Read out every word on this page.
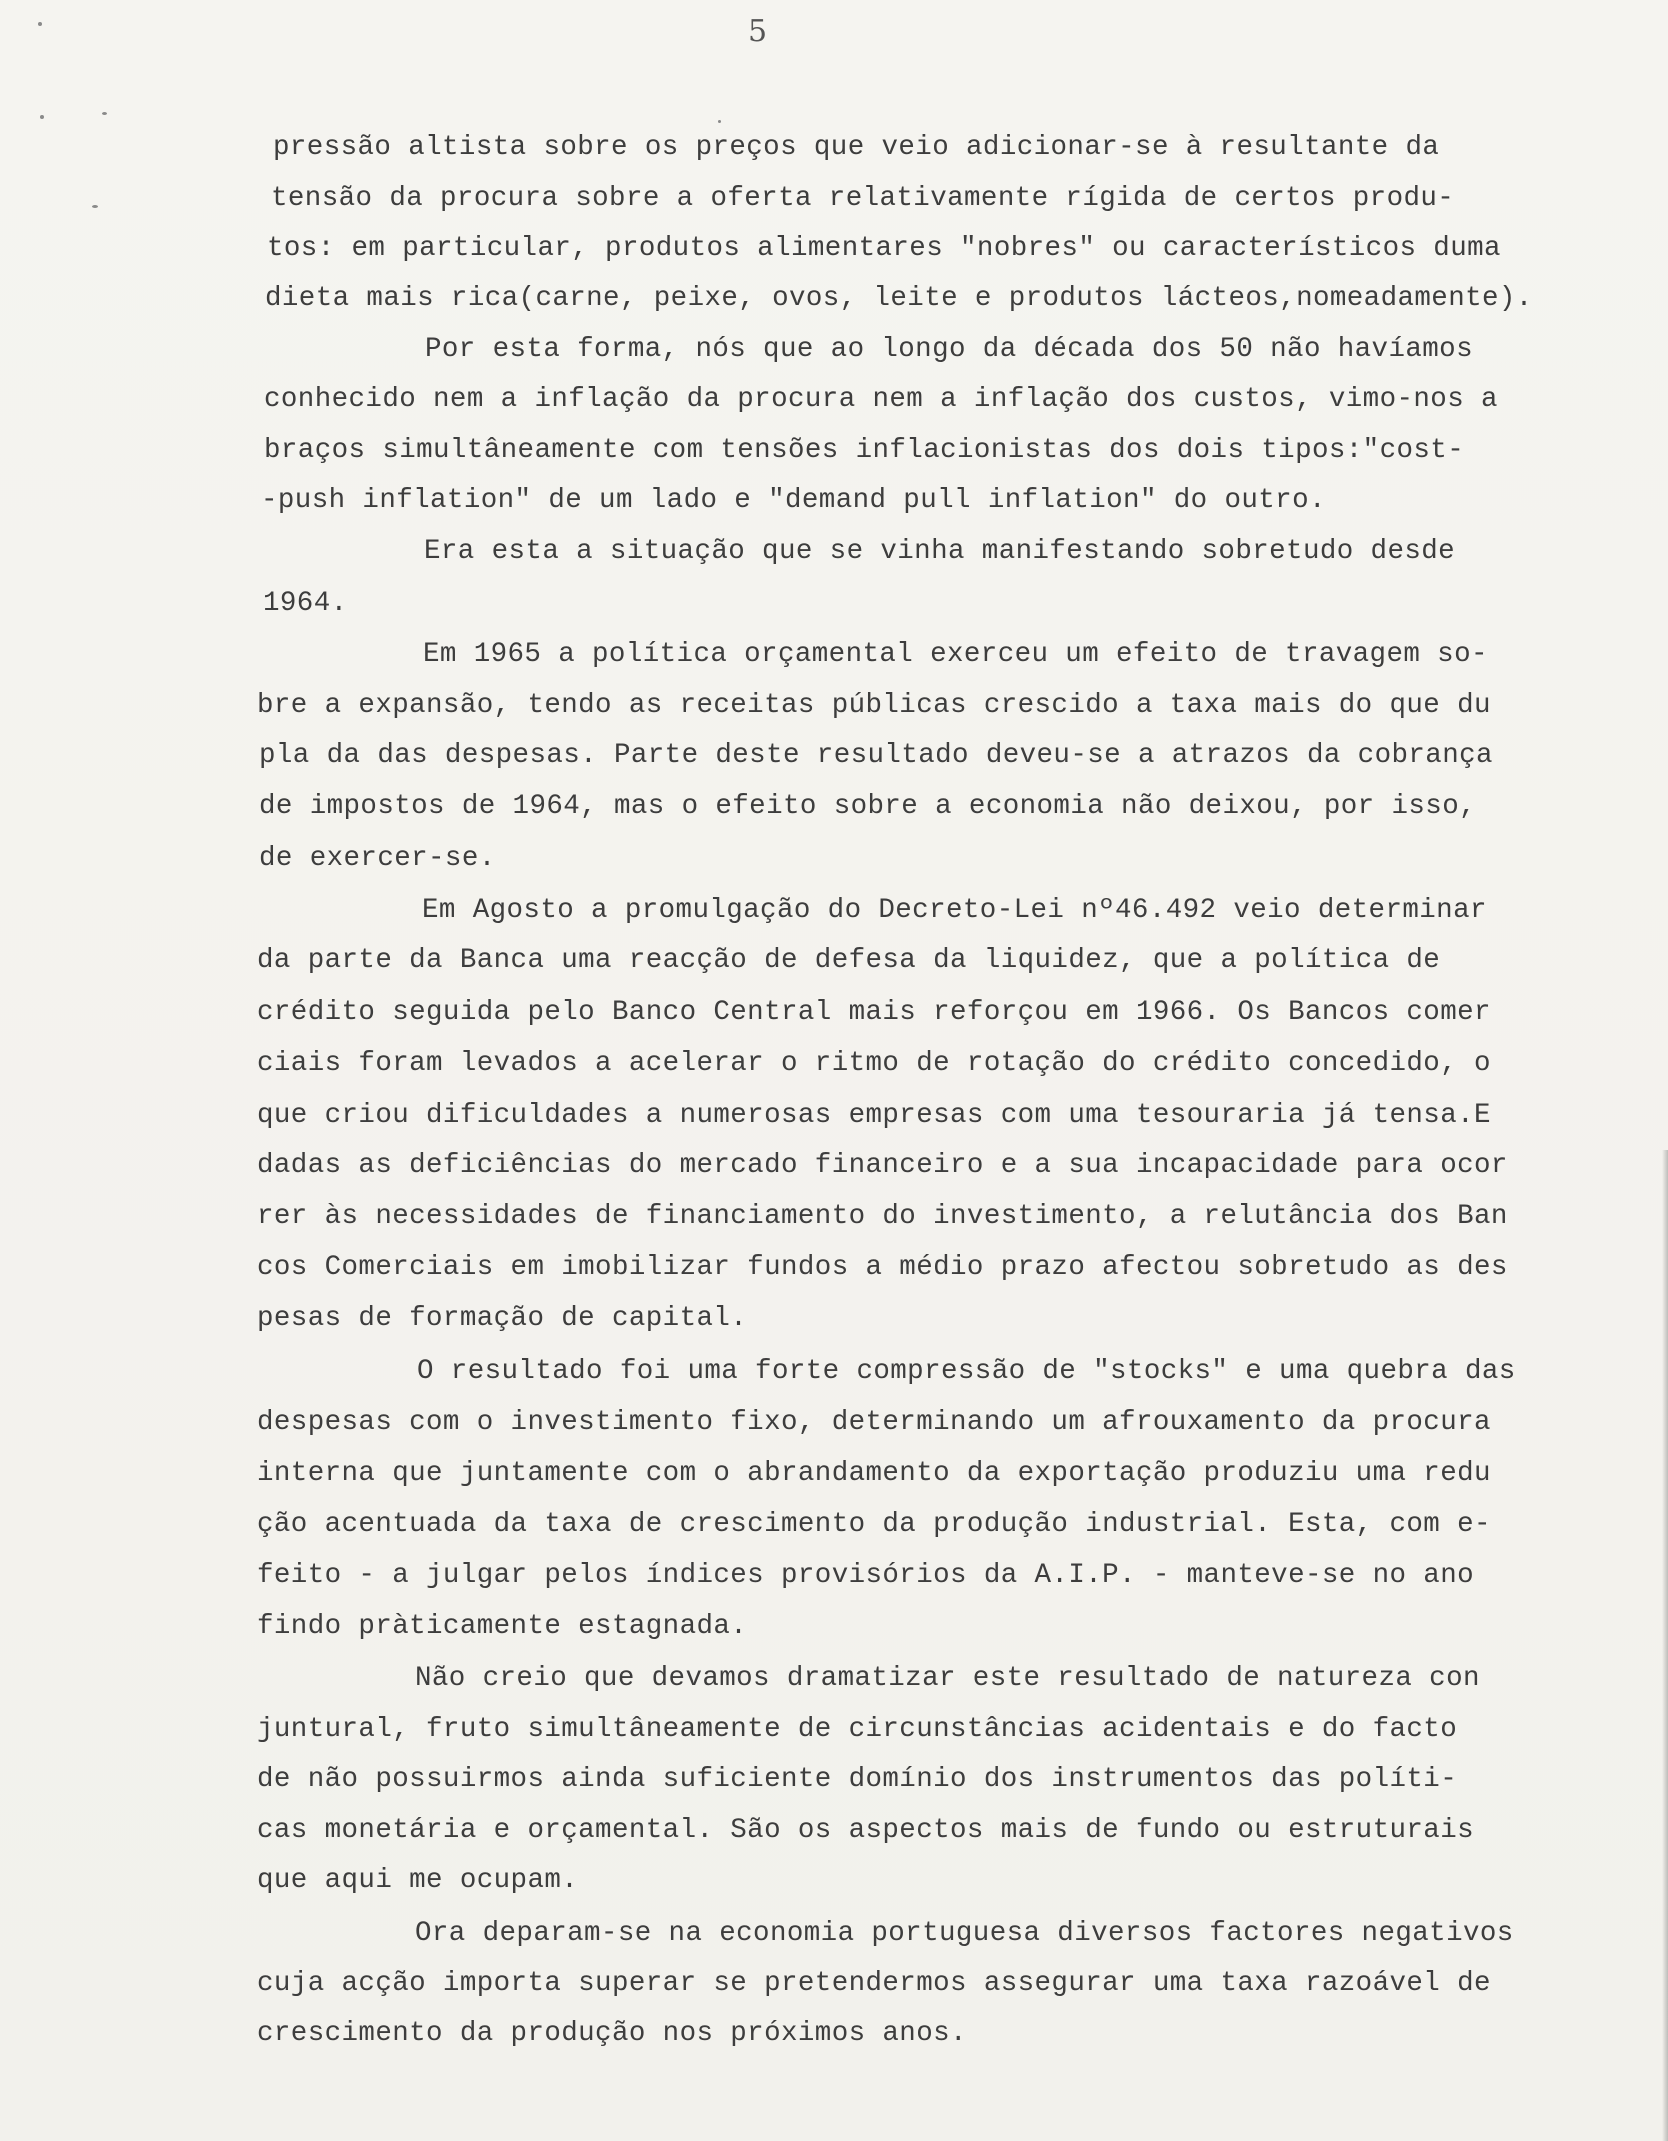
5
pressão altista sobre os preços que veio adicionar-se à resultante da
tensão da procura sobre a oferta relativamente rígida de certos produ-
tos: em particular, produtos alimentares "nobres" ou característicos duma
dieta mais rica(carne, peixe, ovos, leite e produtos lácteos,nomeadamente).
Por esta forma, nós que ao longo da década dos 50 não havíamos
conhecido nem a inflação da procura nem a inflação dos custos, vimo-nos a
braços simultâneamente com tensões inflacionistas dos dois tipos:"cost-
-push inflation" de um lado e "demand pull inflation" do outro.
Era esta a situação que se vinha manifestando sobretudo desde
1964.
Em 1965 a política orçamental exerceu um efeito de travagem so-
bre a expansão, tendo as receitas públicas crescido a taxa mais do que du
pla da das despesas. Parte deste resultado deveu-se a atrazos da cobrança
de impostos de 1964, mas o efeito sobre a economia não deixou, por isso,
de exercer-se.
Em Agosto a promulgação do Decreto-Lei nº46.492 veio determinar
da parte da Banca uma reacção de defesa da liquidez, que a política de
crédito seguida pelo Banco Central mais reforçou em 1966. Os Bancos comer
ciais foram levados a acelerar o ritmo de rotação do crédito concedido, o
que criou dificuldades a numerosas empresas com uma tesouraria já tensa.E
dadas as deficiências do mercado financeiro e a sua incapacidade para ocor
rer às necessidades de financiamento do investimento, a relutância dos Ban
cos Comerciais em imobilizar fundos a médio prazo afectou sobretudo as des
pesas de formação de capital.
O resultado foi uma forte compressão de "stocks" e uma quebra das
despesas com o investimento fixo, determinando um afrouxamento da procura
interna que juntamente com o abrandamento da exportação produziu uma redu
ção acentuada da taxa de crescimento da produção industrial. Esta, com e-
feito - a julgar pelos índices provisórios da A.I.P. - manteve-se no ano
findo pràticamente estagnada.
Não creio que devamos dramatizar este resultado de natureza con
juntural, fruto simultâneamente de circunstâncias acidentais e do facto
de não possuirmos ainda suficiente domínio dos instrumentos das políti-
cas monetária e orçamental. São os aspectos mais de fundo ou estruturais
que aqui me ocupam.
Ora deparam-se na economia portuguesa diversos factores negativos
cuja acção importa superar se pretendermos assegurar uma taxa razoável de
crescimento da produção nos próximos anos.
